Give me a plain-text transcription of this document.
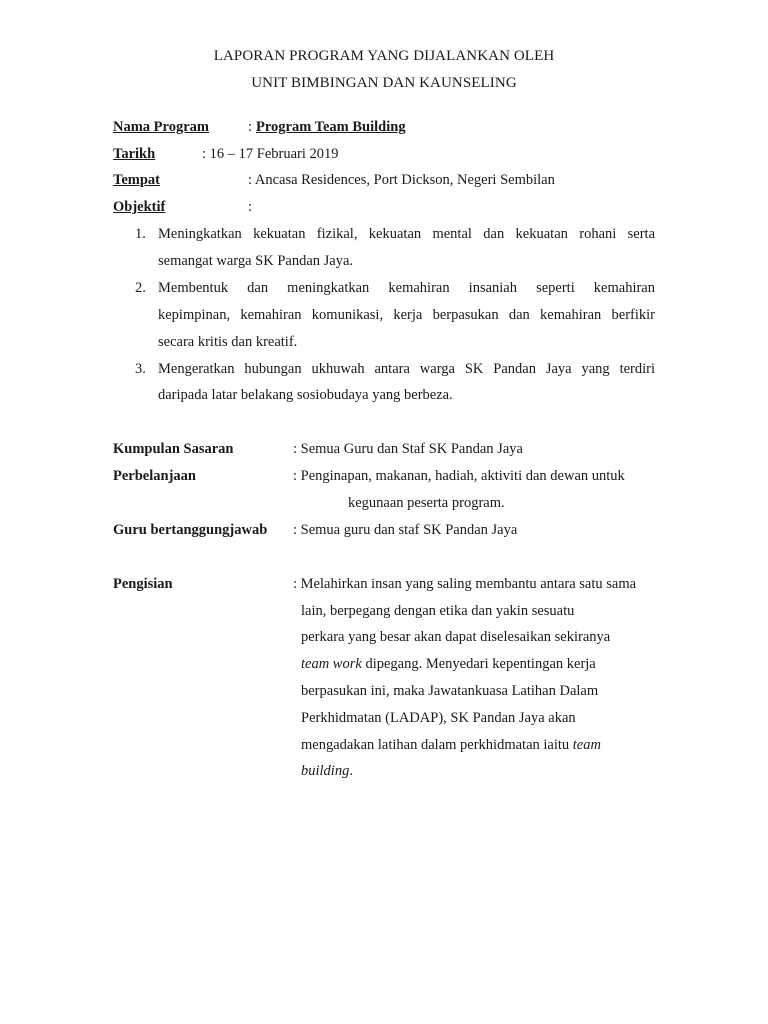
LAPORAN PROGRAM YANG DIJALANKAN OLEH
UNIT BIMBINGAN DAN KAUNSELING
Nama Program	: Program Team Building
Tarikh	: 16 – 17 Februari 2019
Tempat	: Ancasa Residences, Port Dickson, Negeri Sembilan
Objektif	:
1. Meningkatkan kekuatan fizikal, kekuatan mental dan kekuatan rohani serta
semangat warga SK Pandan Jaya.
2. Membentuk dan meningkatkan kemahiran insaniah seperti kemahiran
kepimpinan, kemahiran komunikasi, kerja berpasukan dan kemahiran berfikir
secara kritis dan kreatif.
3. Mengeratkan hubungan ukhuwah antara warga SK Pandan Jaya yang terdiri
daripada latar belakang sosiobudaya yang berbeza.
Kumpulan Sasaran	: Semua Guru dan Staf SK Pandan Jaya
Perbelanjaan	: Penginapan, makanan, hadiah, aktiviti dan dewan untuk
kegunaan peserta program.
Guru bertanggungjawab : Semua guru dan staf SK Pandan Jaya
Pengisian	: Melahirkan insan yang saling membantu antara satu sama
lain, berpegang dengan etika dan yakin sesuatu
perkara yang besar akan dapat diselesaikan sekiranya
team work dipegang. Menyedari kepentingan kerja
berpasukan ini, maka Jawatankuasa Latihan Dalam
Perkhidmatan (LADAP), SK Pandan Jaya akan
mengadakan latihan dalam perkhidmatan iaitu team
building.
